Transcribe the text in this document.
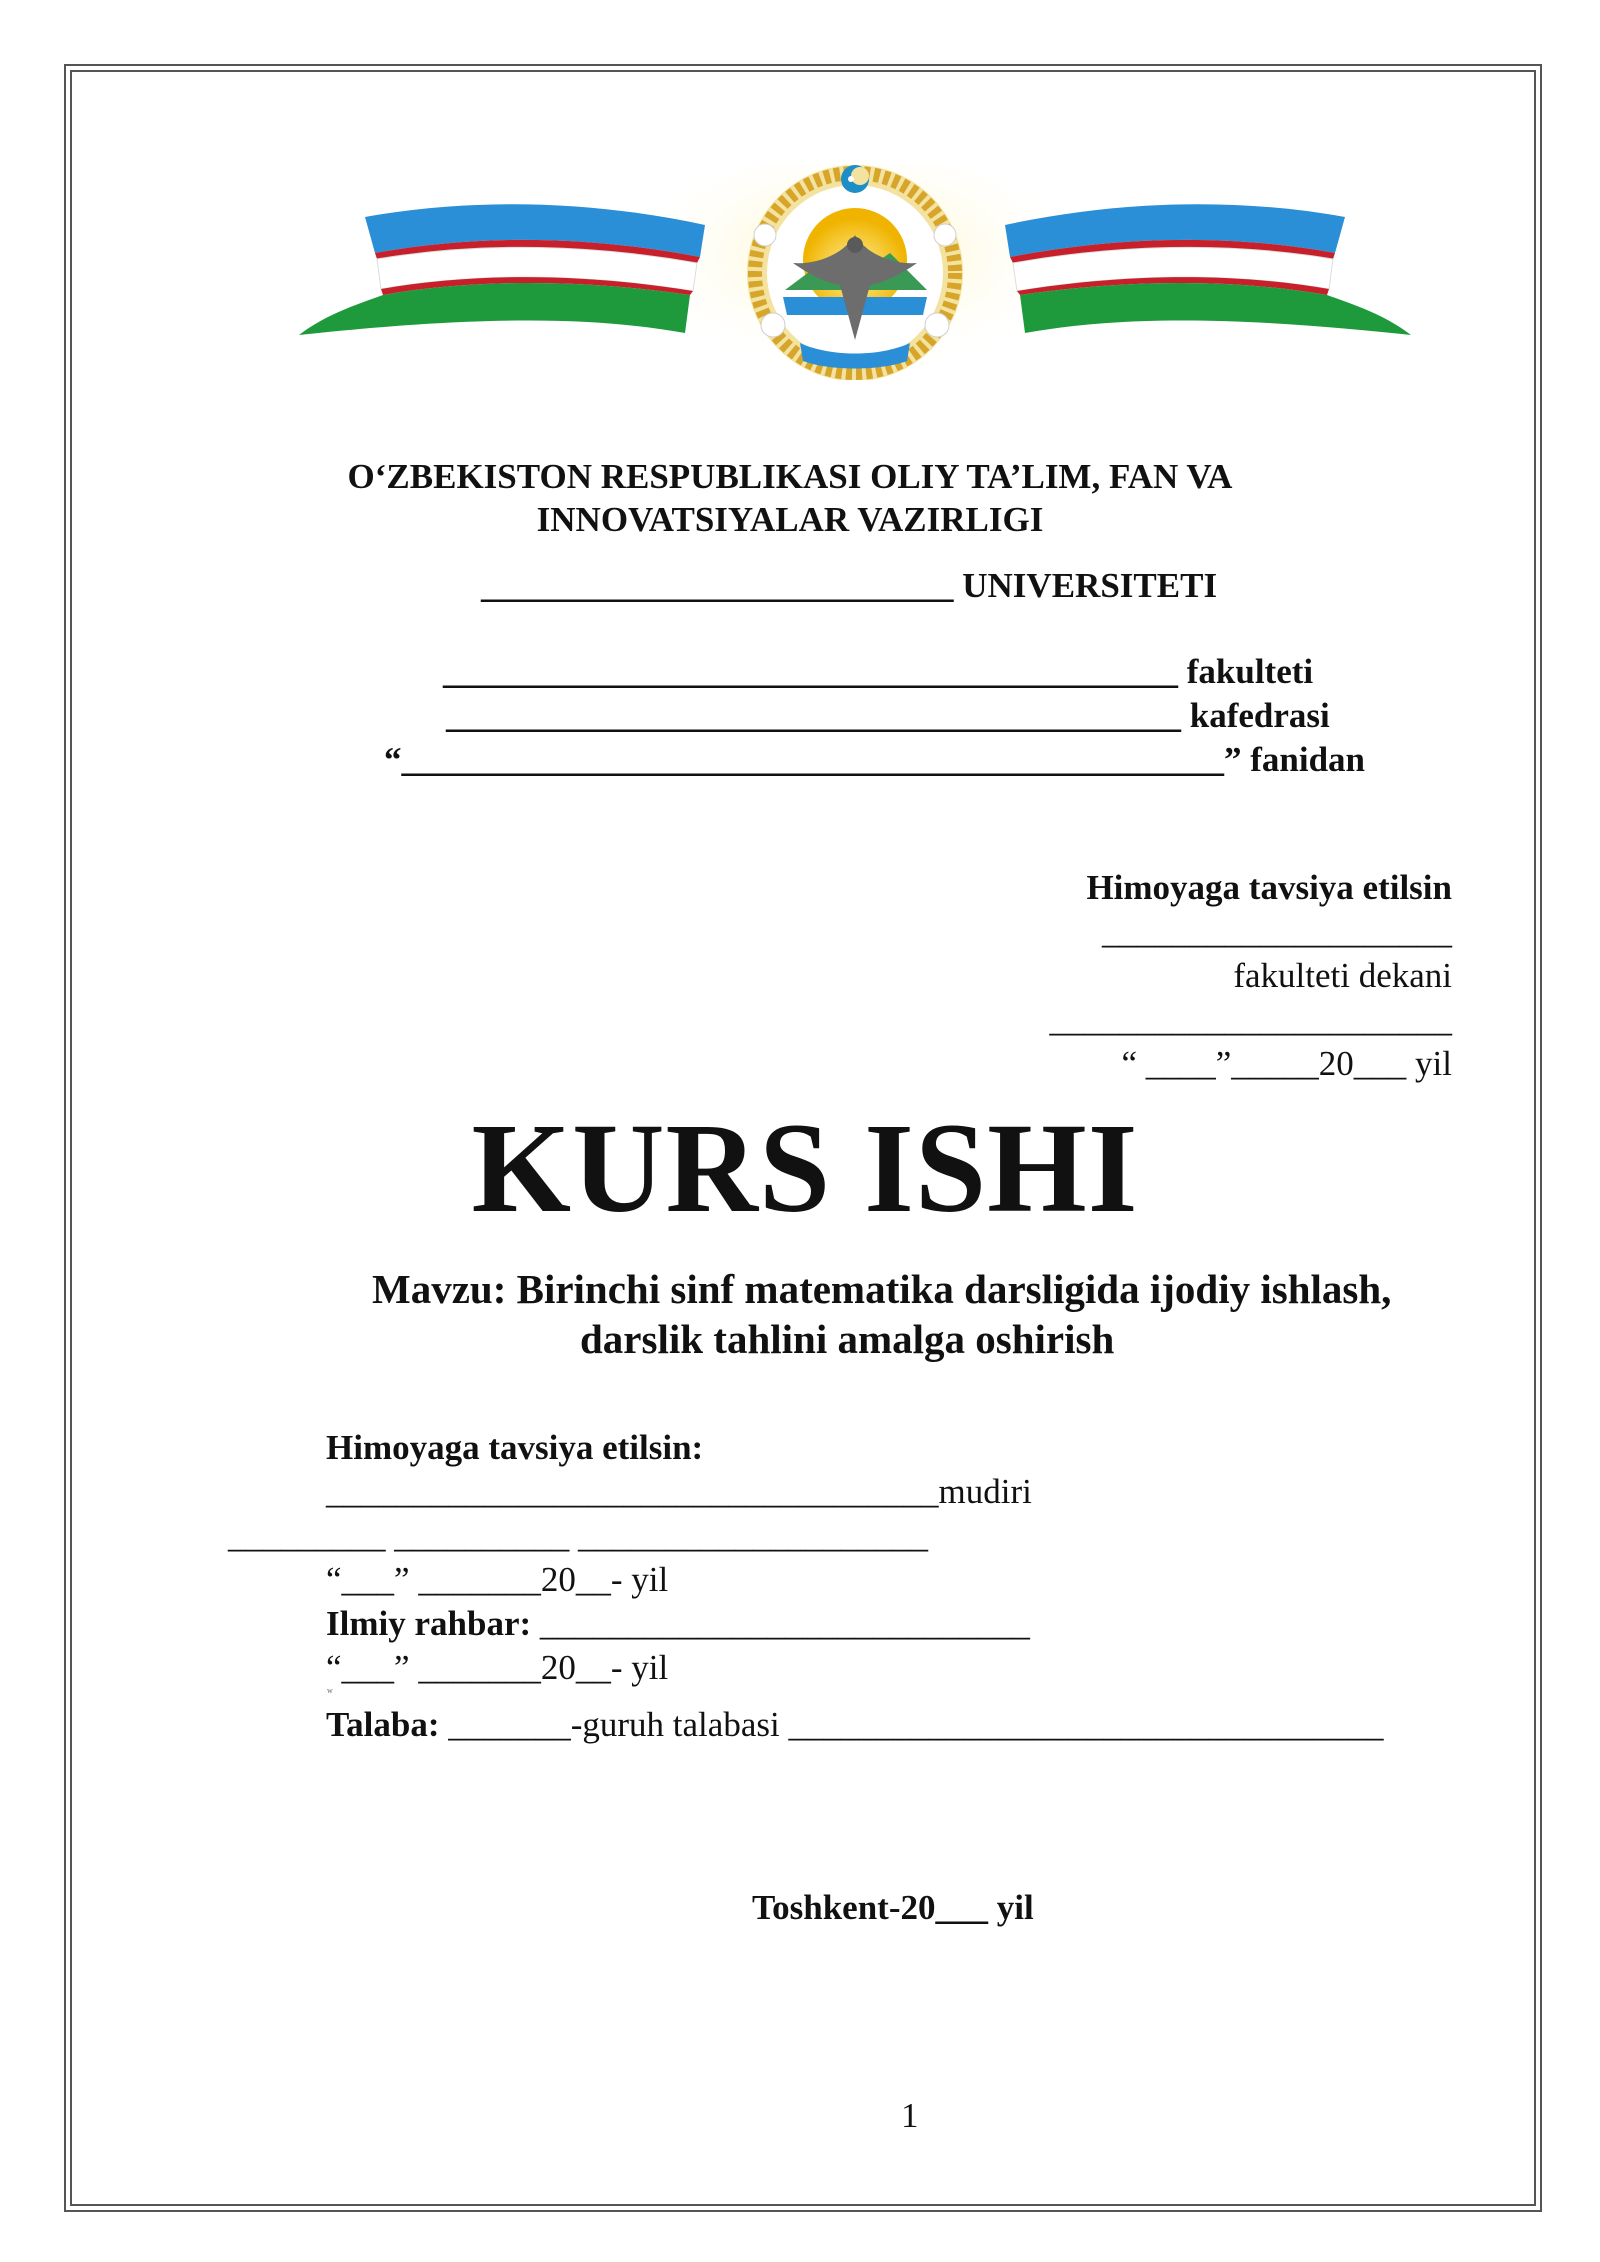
O‘ZBEKISTON RESPUBLIKASI OLIY TA’LIM, FAN VA
INNOVATSIYALAR VAZIRLIGI
___________________________ UNIVERSITETI
__________________________________________ fakulteti
__________________________________________ kafedrasi
“_______________________________________________” fanidan
Himoyaga tavsiya etilsin
____________________
fakulteti dekani
_______________________
“ ____”_____20___ yil
KURS ISHI
Mavzu: Birinchi sinf matematika darsligida ijodiy ishlash,
darslik tahlini amalga oshirish
Himoyaga tavsiya etilsin:
___________________________________mudiri
_________ __________ ____________________
“___” _______20__- yil
Ilmiy rahbar: ____________________________
“___” _______20__- yil
w
Talaba: _______-guruh talabasi __________________________________
Toshkent-20___ yil
1
